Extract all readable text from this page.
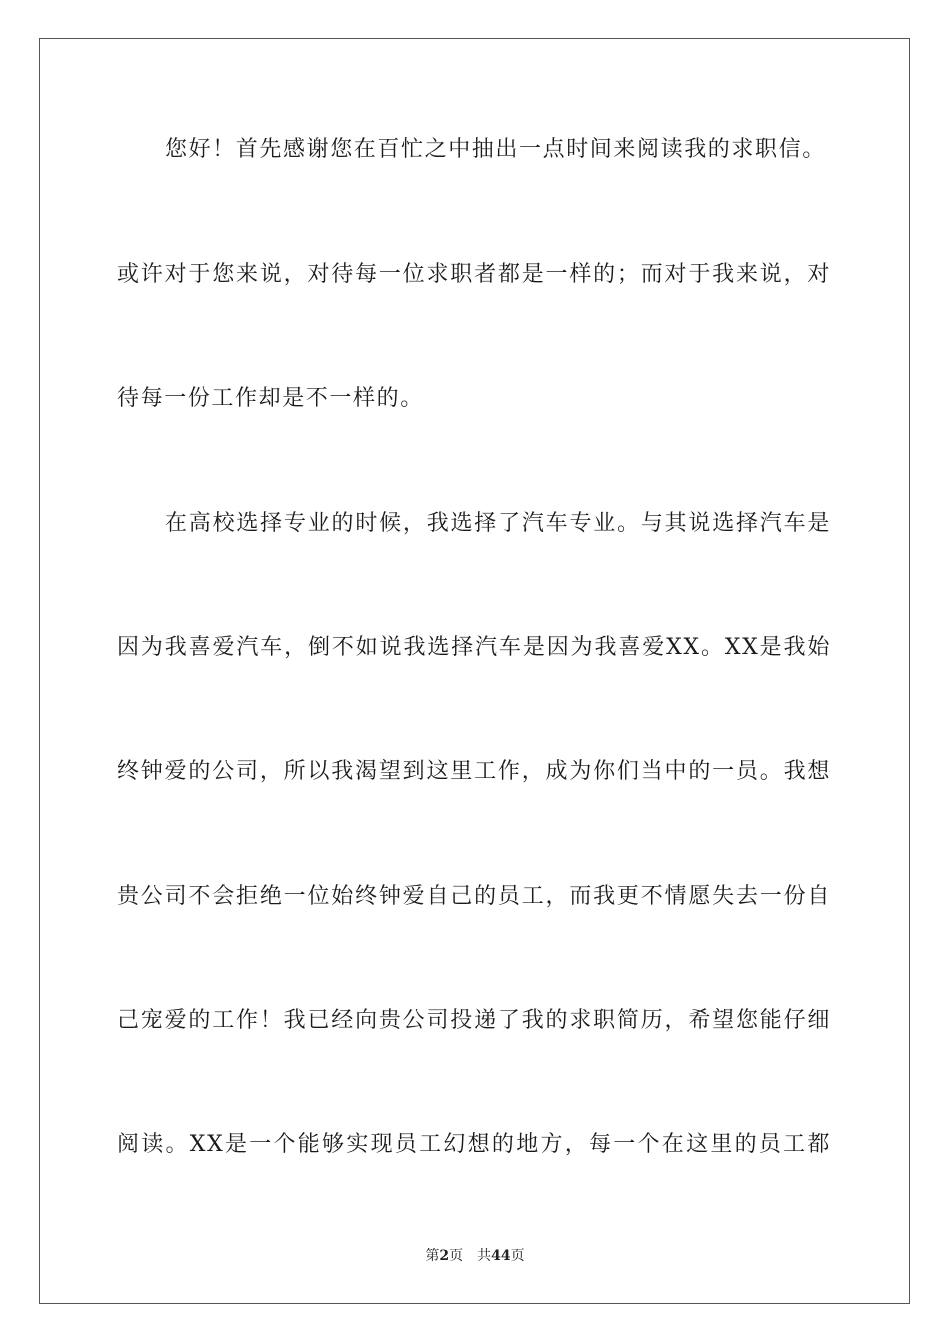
您好！首先感谢您在百忙之中抽出一点时间来阅读我的求职信。
或许对于您来说，对待每一位求职者都是一样的；而对于我来说，对
待每一份工作却是不一样的。
在高校选择专业的时候，我选择了汽车专业。与其说选择汽车是
因为我喜爱汽车，倒不如说我选择汽车是因为我喜爱XX。XX是我始
终钟爱的公司，所以我渴望到这里工作，成为你们当中的一员。我想
贵公司不会拒绝一位始终钟爱自己的员工，而我更不情愿失去一份自
己宠爱的工作！我已经向贵公司投递了我的求职简历，希望您能仔细
阅读。XX是一个能够实现员工幻想的地方，每一个在这里的员工都
第2页 共44页
